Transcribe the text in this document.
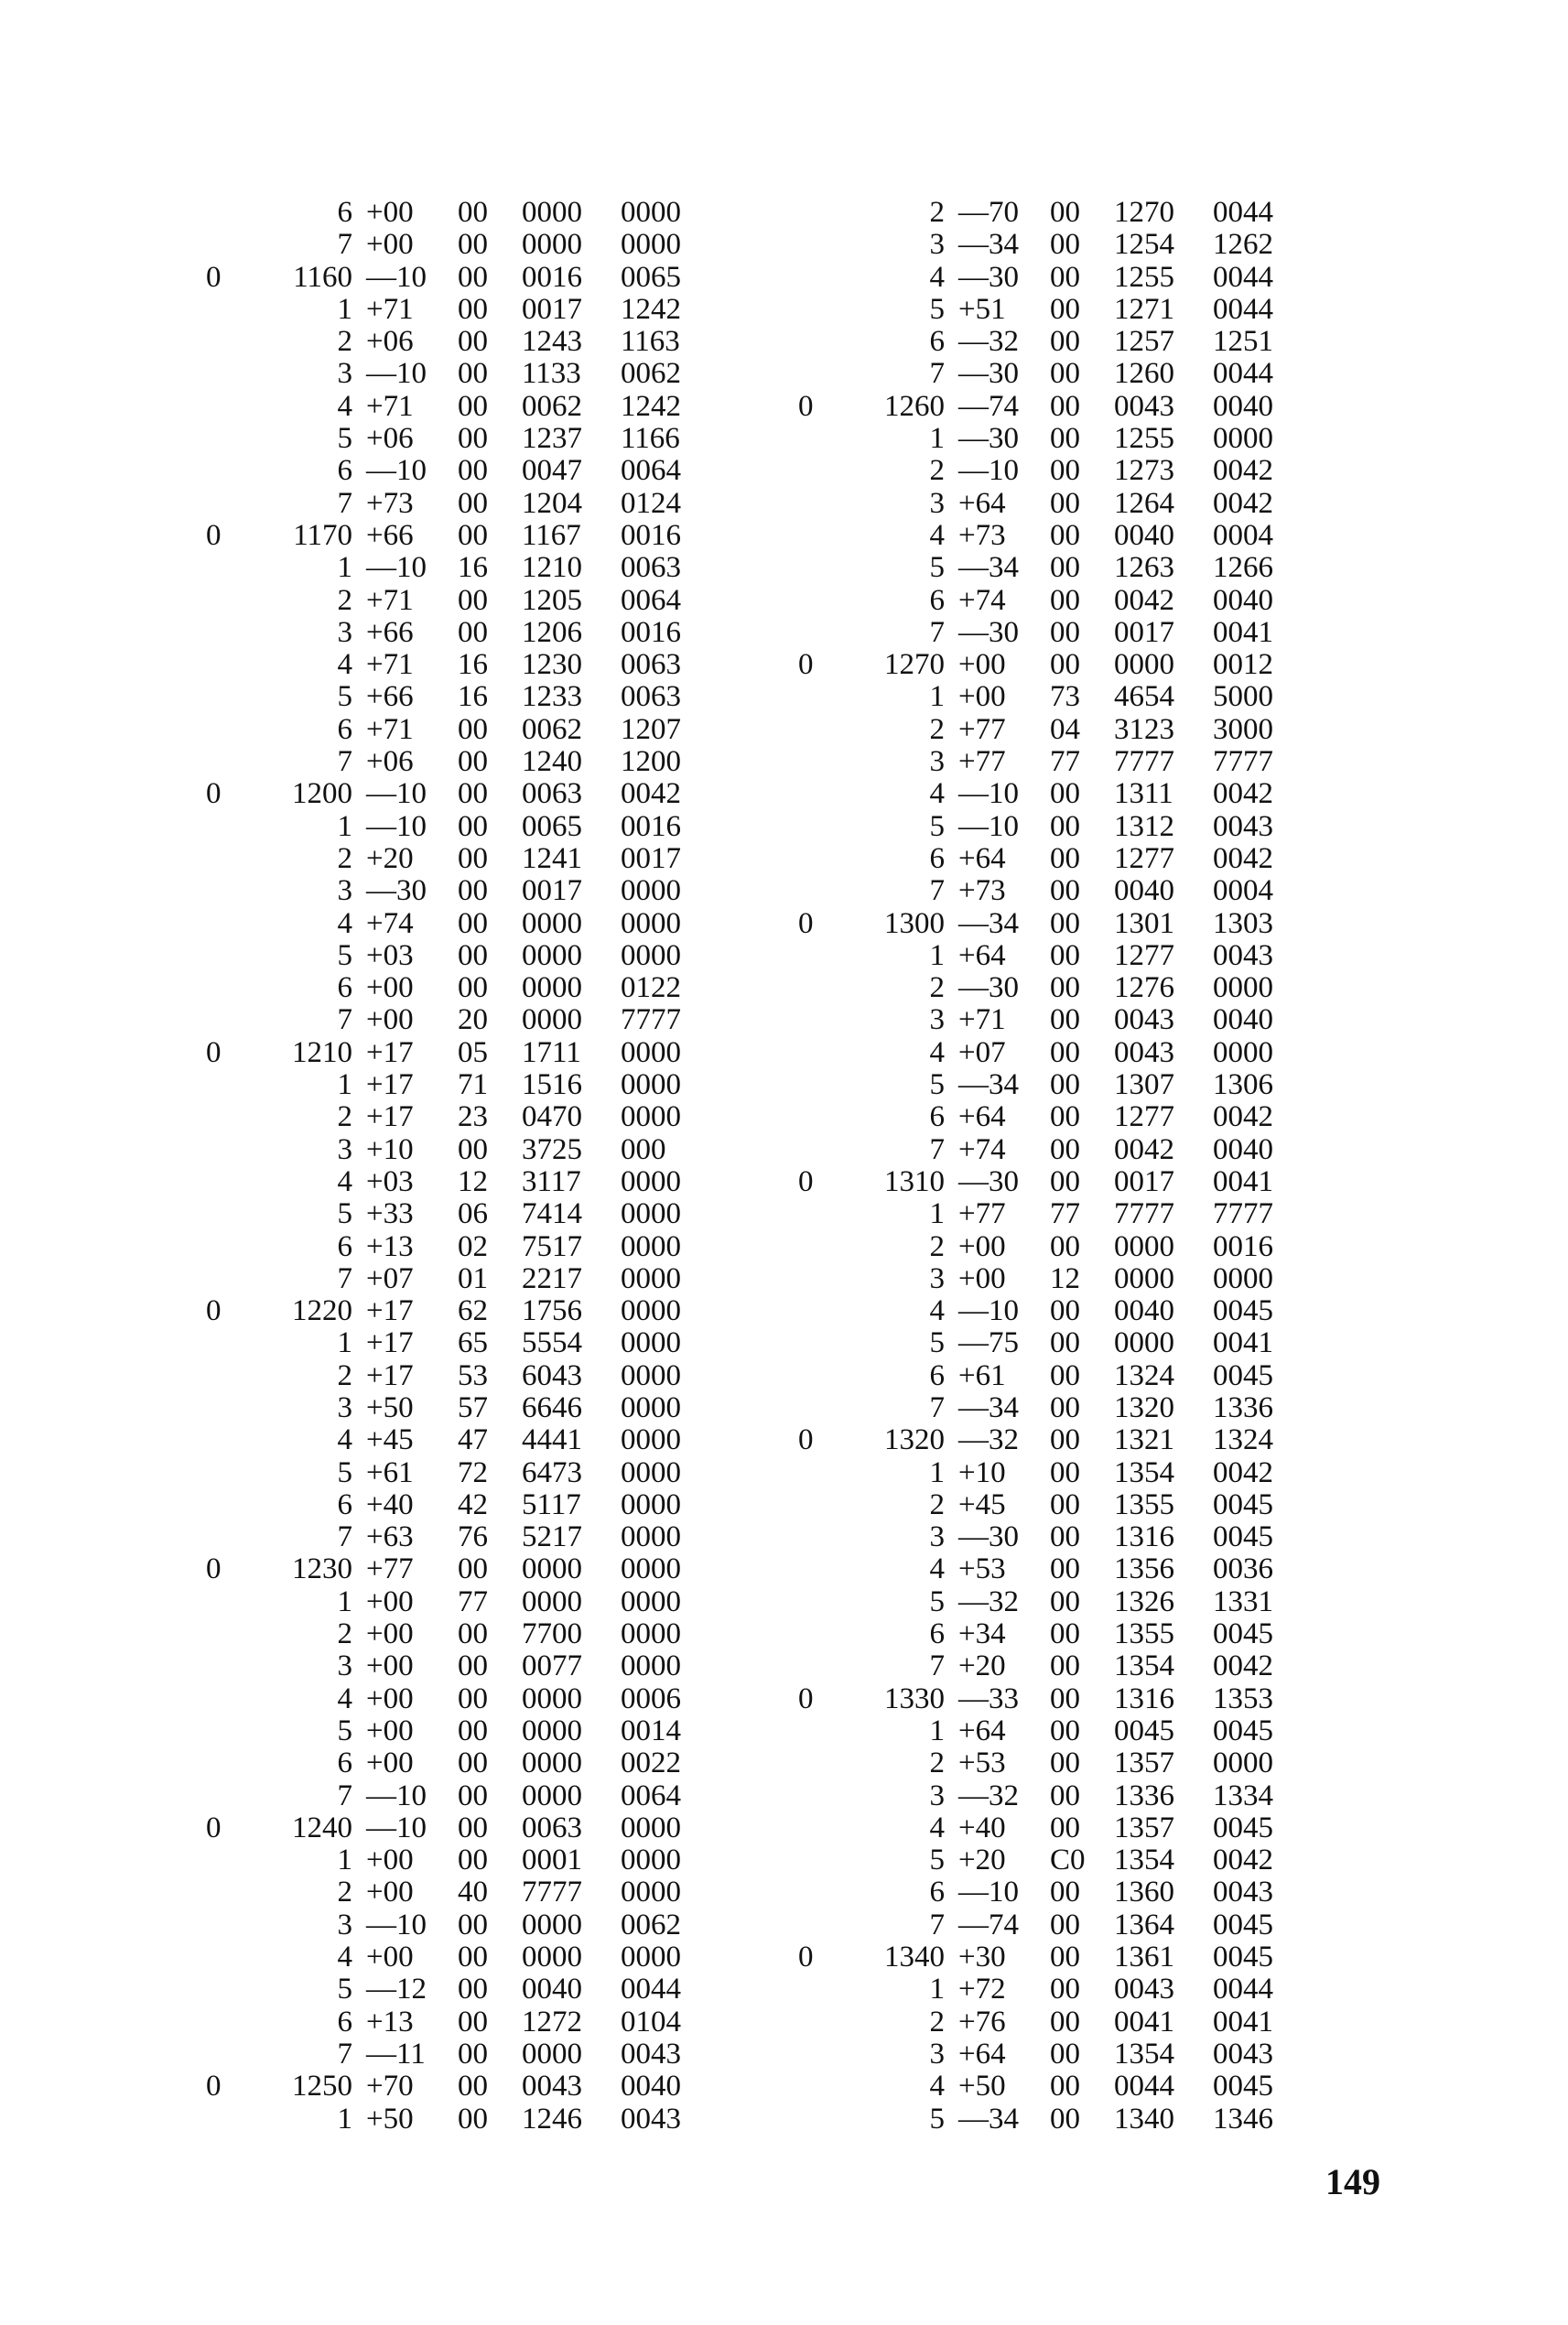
6 +00 00 0000 0000
7 +00 00 0000 0000
0	1160 —10 00 0016 0065
1 +71 00 0017 1242
2 +06 00 1243 1163
3 —10 00 1133 0062
4 +71 00 0062 1242
5 +06 00 1237 1166
6 —10 00 0047 0064
7 +73 00 1204 0124
0	1170 +66 00 1167 0016
1 —10 16 1210 0063
2 +71 00 1205 0064
3 +66 00 1206 0016
4 +71 16 1230 0063
5 +66 16 1233 0063
6 +71 00 0062 1207
7 +06 00 1240 1200
0	1200 —10 00 0063 0042
1 —10 00 0065 0016
2 +20 00 1241 0017
3 —30 00 0017 0000
4 +74 00 0000 0000
5 +03 00 0000 0000
6 +00 00 0000 0122
7 +00 20 0000 7777
0	1210 +17 05 1711 0000
1 +17 71 1516 0000
2 +17 23 0470 0000
3 +10 00 3725 000
4 +03 12 3117 0000
5 +33 06 7414 0000
6 +13 02 7517 0000
7 +07 01 2217 0000
0	1220 +17 62 1756 0000
1 +17 65 5554 0000
2 +17 53 6043 0000
3 +50 57 6646 0000
4 +45 47 4441 0000
5 +61 72 6473 0000
6 +40 42 5117 0000
7 +63 76 5217 0000
0	1230 +77 00 0000 0000
1 +00 77 0000 0000
2 +00 00 7700 0000
3 +00 00 0077 0000
4 +00 00 0000 0006
5 +00 00 0000 0014
6 +00 00 0000 0022
7 —10 00 0000 0064
0	1240 —10 00 0063 0000
1 +00 00 0001 0000
2 +00 40 7777 0000
3 —10 00 0000 0062
4 +00 00 0000 0000
5 —12 00 0040 0044
6 +13 00 1272 0104
7 —11 00 0000 0043
0	1250 +70 00 0043 0040
1 +50 00 1246 0043
2 —70 00 1270 0044
3 —34 00 1254 1262
4 —30 00 1255 0044
5 +51 00 1271 0044
6 —32 00 1257 1251
7 —30 00 1260 0044
0	1260 —74 00 0043 0040
1 —30 00 1255 0000
2 —10 00 1273 0042
3 +64 00 1264 0042
4 +73 00 0040 0004
5 —34 00 1263 1266
6 +74 00 0042 0040
7 —30 00 0017 0041
0	1270 +00 00 0000 0012
1 +00 73 4654 5000
2 +77 04 3123 3000
3 +77 77 7777 7777
4 —10 00 1311 0042
5 —10 00 1312 0043
6 +64 00 1277 0042
7 +73 00 0040 0004
0	1300 —34 00 1301 1303
1 +64 00 1277 0043
2 —30 00 1276 0000
3 +71 00 0043 0040
4 +07 00 0043 0000
5 —34 00 1307 1306
6 +64 00 1277 0042
7 +74 00 0042 0040
0	1310 —30 00 0017 0041
1 +77 77 7777 7777
2 +00 00 0000 0016
3 +00 12 0000 0000
4 —10 00 0040 0045
5 —75 00 0000 0041
6 +61 00 1324 0045
7 —34 00 1320 1336
0	1320 —32 00 1321 1324
1 +10 00 1354 0042
2 +45 00 1355 0045
3 —30 00 1316 0045
4 +53 00 1356 0036
5 —32 00 1326 1331
6 +34 00 1355 0045
7 +20 00 1354 0042
0	1330 —33 00 1316 1353
1 +64 00 0045 0045
2 +53 00 1357 0000
3 —32 00 1336 1334
4 +40 00 1357 0045
5 +20 C0 1354 0042
6 —10 00 1360 0043
7 —74 00 1364 0045
0	1340 +30 00 1361 0045
1 +72 00 0043 0044
2 +76 00 0041 0041
3 +64 00 1354 0043
4 +50 00 0044 0045
5 —34 00 1340 1346
149
